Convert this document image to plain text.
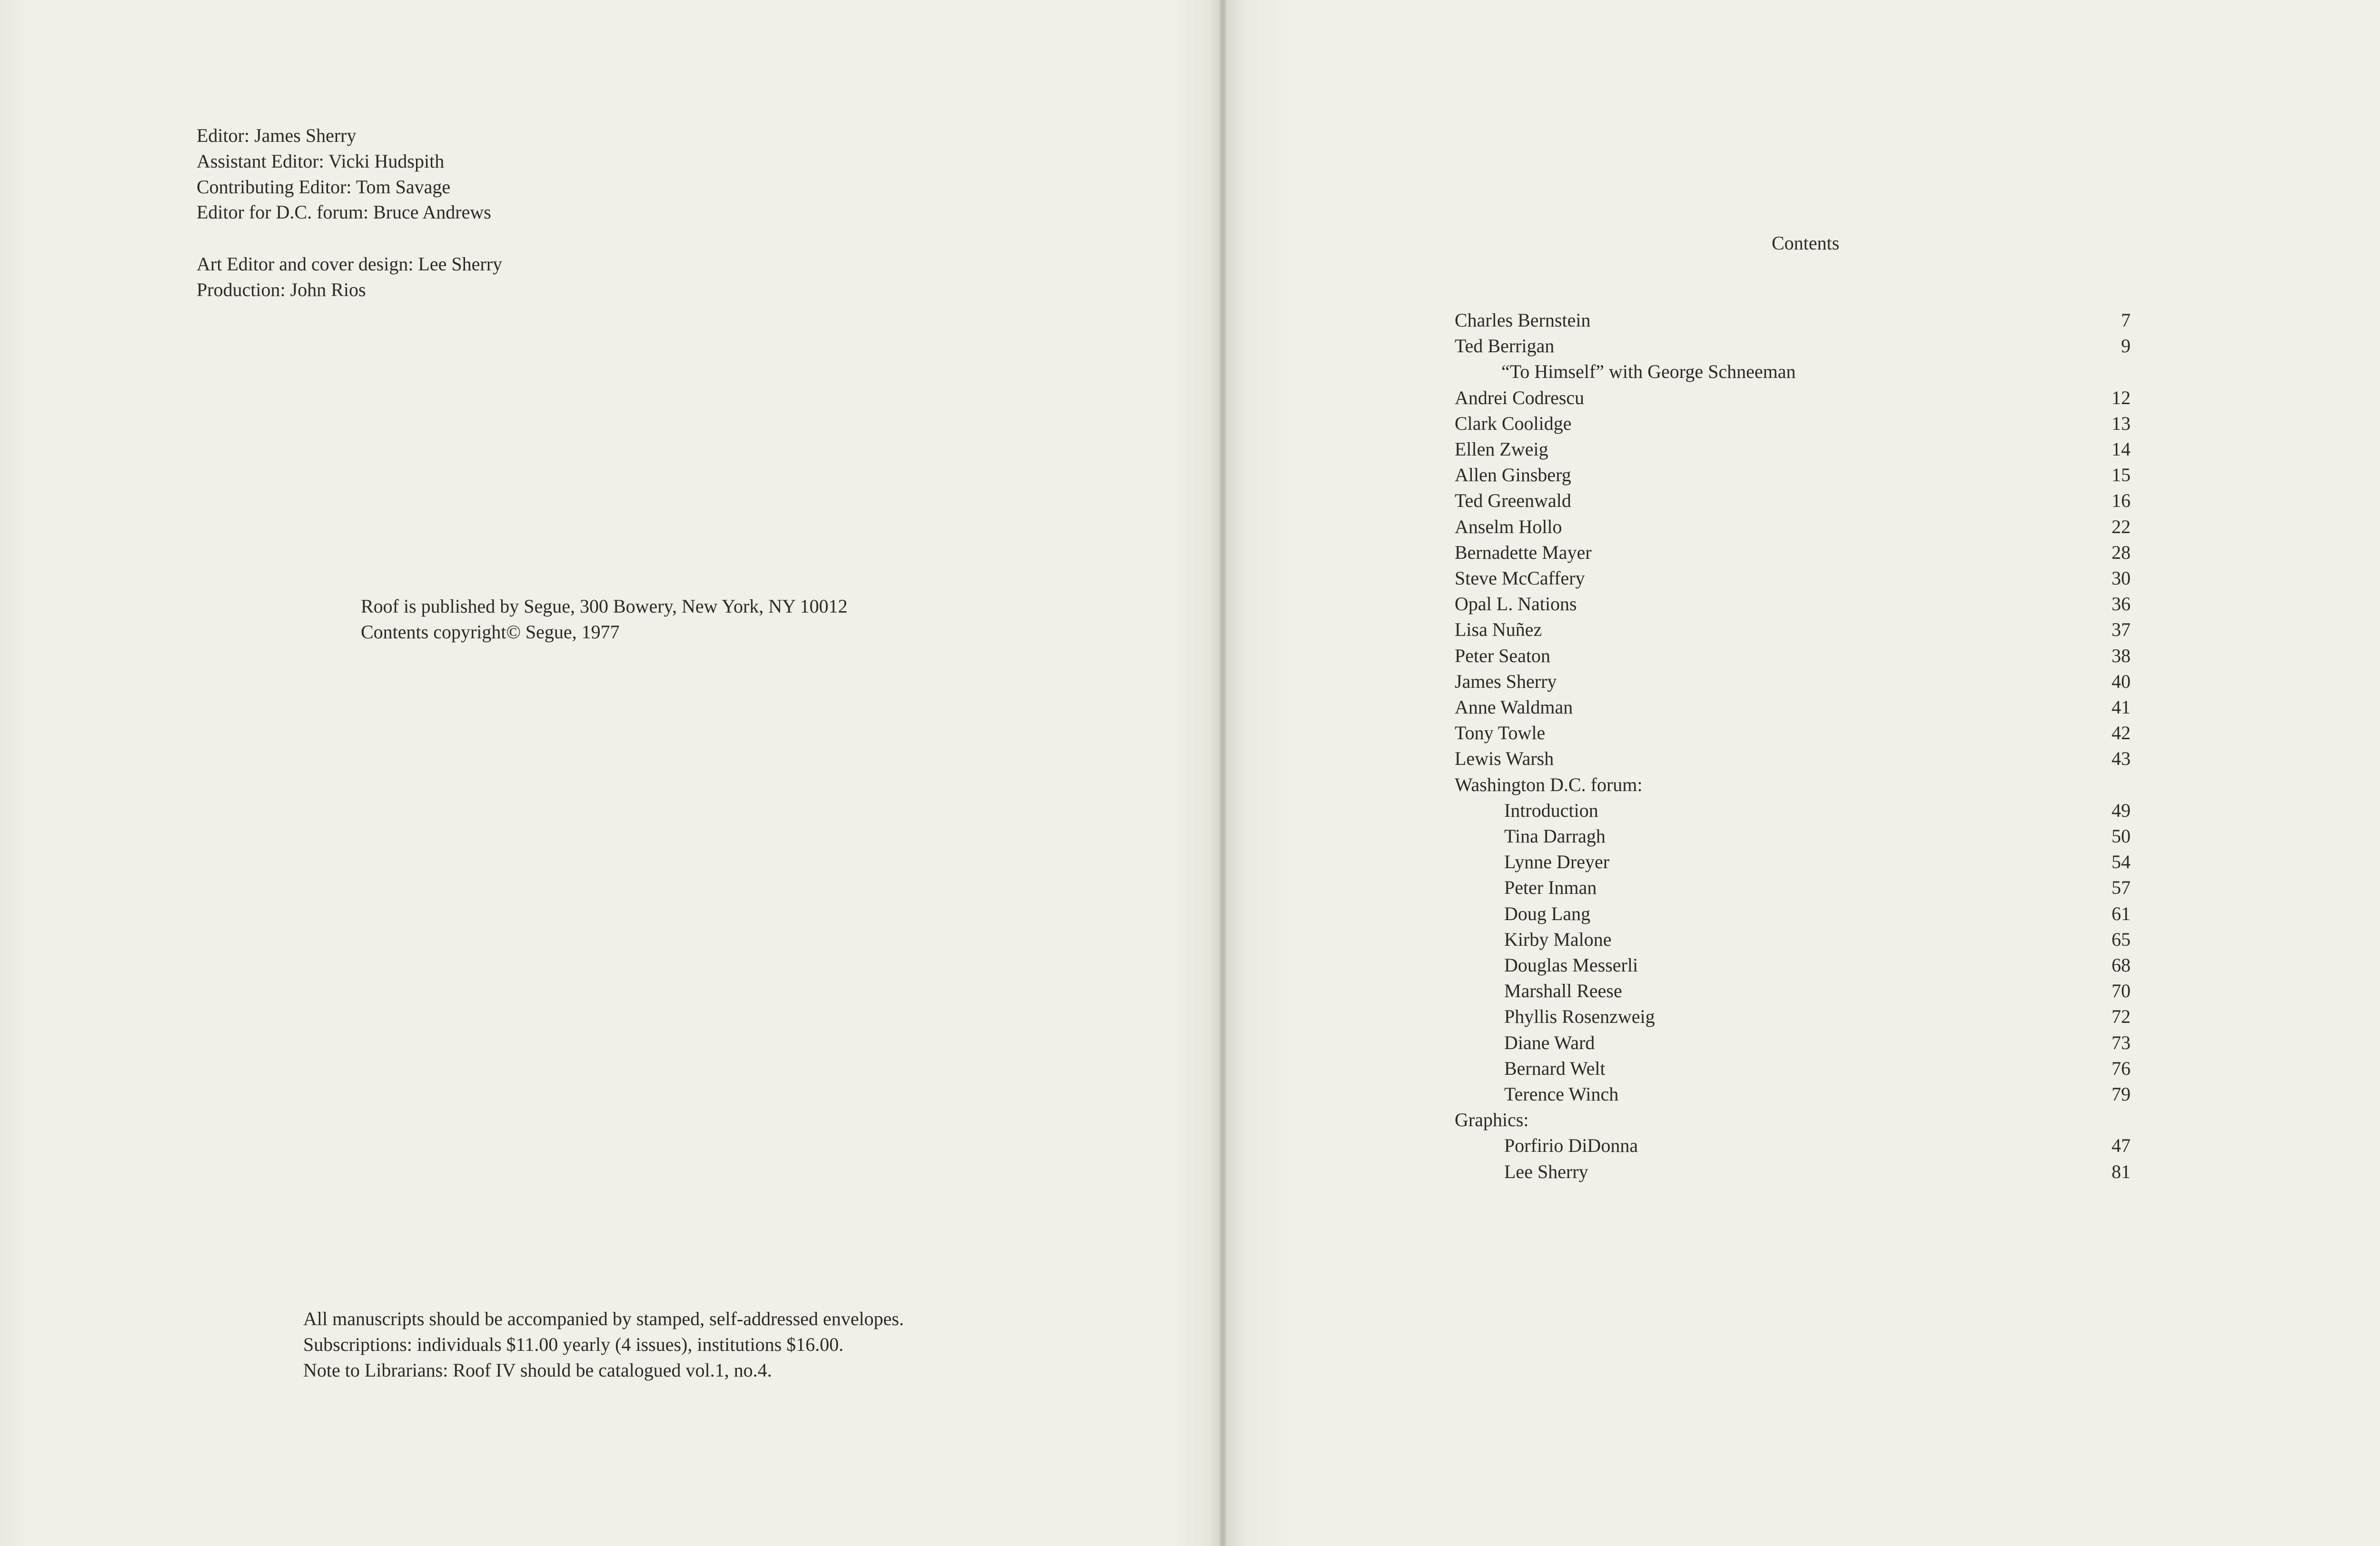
Editor: James Sherry
Assistant Editor: Vicki Hudspith
Contributing Editor: Tom Savage
Editor for D.C. forum: Bruce Andrews
Art Editor and cover design: Lee Sherry
Production: John Rios
Roof is published by Segue, 300 Bowery, New York, NY 10012
Contents copyright© Segue, 1977
All manuscripts should be accompanied by stamped, self-addressed envelopes.
Subscriptions: individuals $11.00 yearly (4 issues), institutions $16.00.
Note to Librarians: Roof IV should be catalogued vol.1, no.4.
Contents
Charles Bernstein	7
Ted Berrigan	9
“To Himself” with George Schneeman
Andrei Codrescu	12
Clark Coolidge	13
Ellen Zweig	14
Allen Ginsberg	15
Ted Greenwald	16
Anselm Hollo	22
Bernadette Mayer	28
Steve McCaffery	30
Opal L. Nations	36
Lisa Nuñez	37
Peter Seaton	38
James Sherry	40
Anne Waldman	41
Tony Towle	42
Lewis Warsh	43
Washington D.C. forum:
Introduction	49
Tina Darragh	50
Lynne Dreyer	54
Peter Inman	57
Doug Lang	61
Kirby Malone	65
Douglas Messerli	68
Marshall Reese	70
Phyllis Rosenzweig	72
Diane Ward	73
Bernard Welt	76
Terence Winch	79
Graphics:
Porfirio DiDonna	47
Lee Sherry	81
